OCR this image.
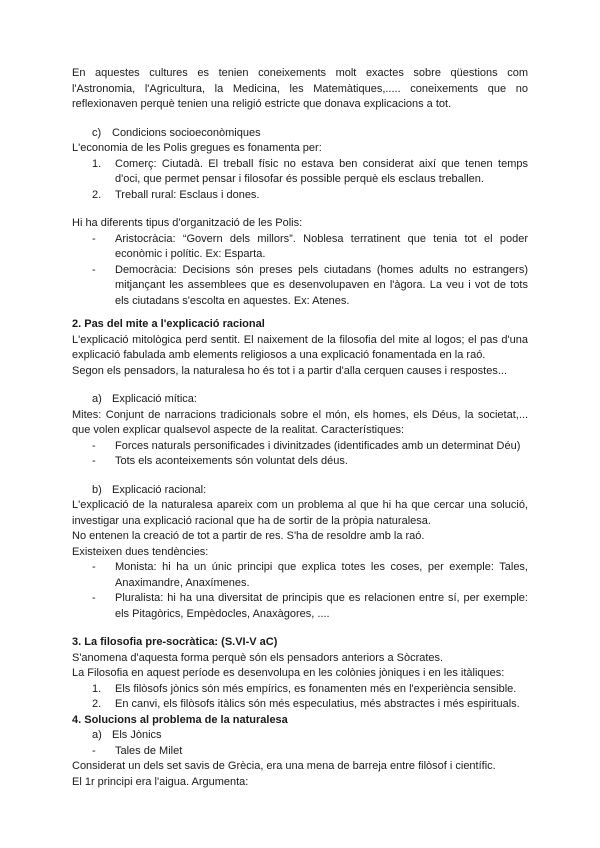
En aquestes cultures es tenien coneixements molt exactes sobre qüestions com l'Astronomia, l'Agricultura, la Medicina, les Matemàtiques,..... coneixements que no reflexionaven perquè tenien una religió estricte que donava explicacions a tot.

c) Condicions socioeconòmiques

L'economia de les Polis gregues es fonamenta per:

1.	Comerç: Ciutadà. El treball físic no estava ben considerat així que tenen temps d'oci, que permet pensar i filosofar és possible perquè els esclaus treballen.
2.	Treball rural: Esclaus i dones.

Hi ha diferents tipus d'organització de les Polis:

-	Aristocràcia: “Govern dels millors”. Noblesa terratinent que tenia tot el poder econòmic i polític. Ex: Esparta.
-	Democràcia: Decisions són preses pels ciutadans (homes adults no estrangers) mitjançant les assemblees que es desenvolupaven en l'àgora. La veu i vot de tots els ciutadans s'escolta en aquestes. Ex: Atenes.
2. Pas del mite a l'explicació racional

L'explicació mitològica perd sentit. El naixement de la filosofia del mite al logos; el pas d'una explicació fabulada amb elements religiosos a una explicació fonamentada en la raó.

Segon els pensadors, la naturalesa ho és tot i a partir d'alla cerquen causes i respostes...

a) Explicació mítica:

Mites: Conjunt de narracions tradicionals sobre el món, els homes, els Déus, la societat,... que volen explicar qualsevol aspecte de la realitat. Característiques:

-	Forces naturals personificades i divinitzades (identificades amb un determinat Déu)
-	Tots els aconteixements són voluntat dels déus.
b) Explicació racional:

L'explicació de la naturalesa apareix com un problema al que hi ha que cercar una solució, investigar una explicació racional que ha de sortir de la pròpia naturalesa.

No entenen la creació de tot a partir de res. S'ha de resoldre amb la raó.

Existeixen dues tendències:

-	Monista: hi ha un únic principi que explica totes les coses, per exemple: Tales, Anaximandre, Anaxímenes.
-	Pluralista: hi ha una diversitat de principis que es relacionen entre sí, per exemple: els Pitagòrics, Empèdocles, Anaxàgores, ....
3. La filosofia pre-socràtica: (S.VI-V aC)

S'anomena d'aquesta forma perquè són els pensadors anteriors a Sòcrates.

La Filosofia en aquest període es desenvolupa en les colònies jòniques i en les itàliques:

1.	Els filòsofs jònics són més empírics, es fonamenten més en l'experiència sensible.
2.	En canvi, els filòsofs itàlics són més especulatius, més abstractes i més espirituals.
4. Solucions al problema de la naturalesa
a) Els Jònics
-	Tales de Milet

Considerat un dels set savis de Grècia, era una mena de barreja entre filòsof i científic.

El 1r principi era l'aigua. Argumenta:
